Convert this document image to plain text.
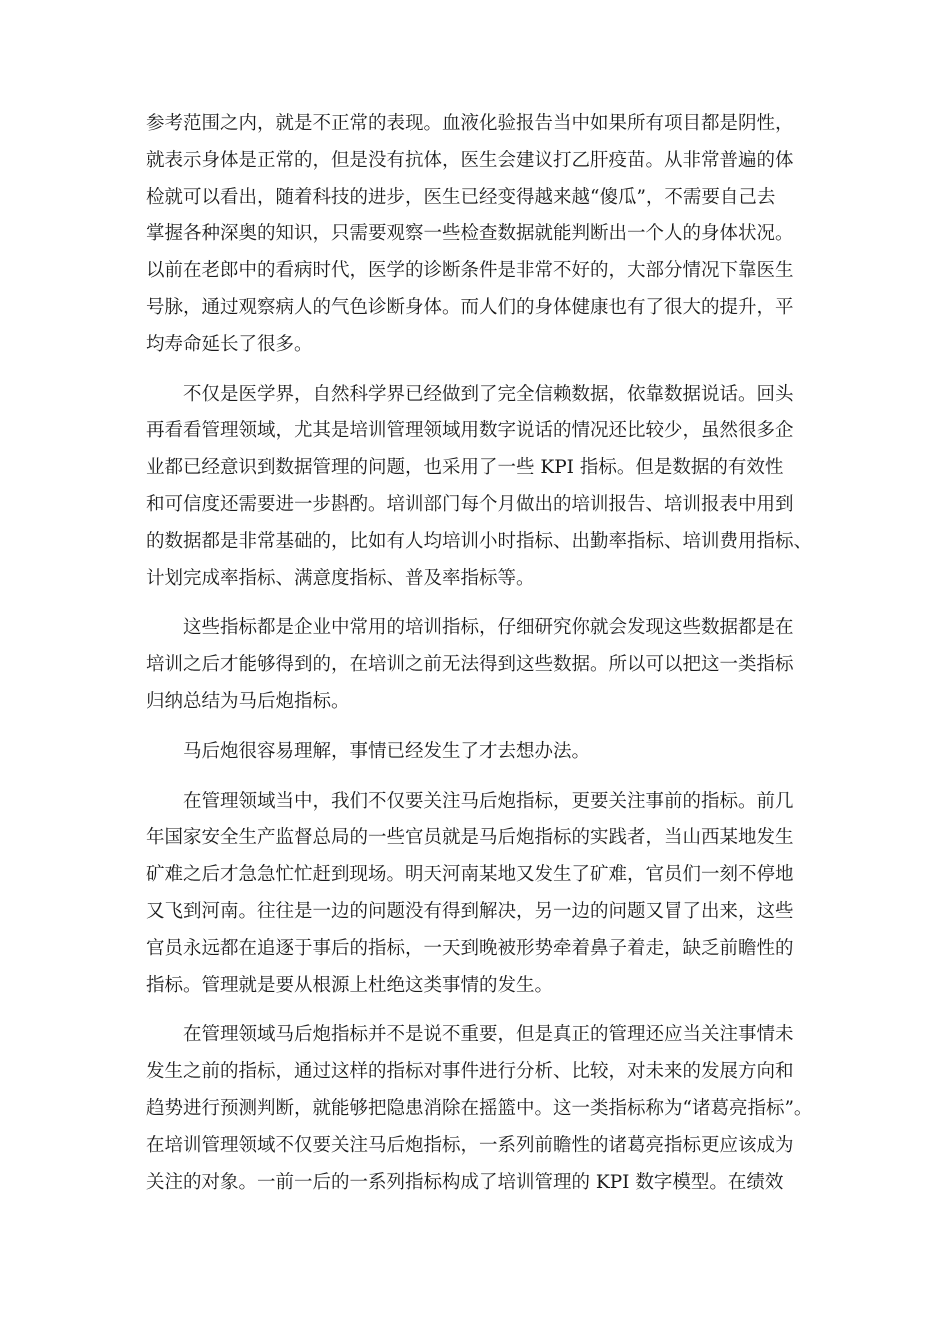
参考范围之内，就是不正常的表现。血液化验报告当中如果所有项目都是阴性，
就表示身体是正常的，但是没有抗体，医生会建议打乙肝疫苗。从非常普遍的体
检就可以看出，随着科技的进步，医生已经变得越来越“傻瓜”，不需要自己去
掌握各种深奥的知识，只需要观察一些检查数据就能判断出一个人的身体状况。
以前在老郎中的看病时代，医学的诊断条件是非常不好的，大部分情况下靠医生
号脉，通过观察病人的气色诊断身体。而人们的身体健康也有了很大的提升，平
均寿命延长了很多。
不仅是医学界，自然科学界已经做到了完全信赖数据，依靠数据说话。回头
再看看管理领域，尤其是培训管理领域用数字说话的情况还比较少，虽然很多企
业都已经意识到数据管理的问题，也采用了一些 KPI 指标。但是数据的有效性
和可信度还需要进一步斟酌。培训部门每个月做出的培训报告、培训报表中用到
的数据都是非常基础的，比如有人均培训小时指标、出勤率指标、培训费用指标、
计划完成率指标、满意度指标、普及率指标等。
这些指标都是企业中常用的培训指标，仔细研究你就会发现这些数据都是在
培训之后才能够得到的，在培训之前无法得到这些数据。所以可以把这一类指标
归纳总结为马后炮指标。
马后炮很容易理解，事情已经发生了才去想办法。
在管理领域当中，我们不仅要关注马后炮指标，更要关注事前的指标。前几
年国家安全生产监督总局的一些官员就是马后炮指标的实践者，当山西某地发生
矿难之后才急急忙忙赶到现场。明天河南某地又发生了矿难，官员们一刻不停地
又飞到河南。往往是一边的问题没有得到解决，另一边的问题又冒了出来，这些
官员永远都在追逐于事后的指标，一天到晚被形势牵着鼻子着走，缺乏前瞻性的
指标。管理就是要从根源上杜绝这类事情的发生。
在管理领域马后炮指标并不是说不重要，但是真正的管理还应当关注事情未
发生之前的指标，通过这样的指标对事件进行分析、比较，对未来的发展方向和
趋势进行预测判断，就能够把隐患消除在摇篮中。这一类指标称为“诸葛亮指标”。
在培训管理领域不仅要关注马后炮指标，一系列前瞻性的诸葛亮指标更应该成为
关注的对象。一前一后的一系列指标构成了培训管理的 KPI 数字模型。在绩效
